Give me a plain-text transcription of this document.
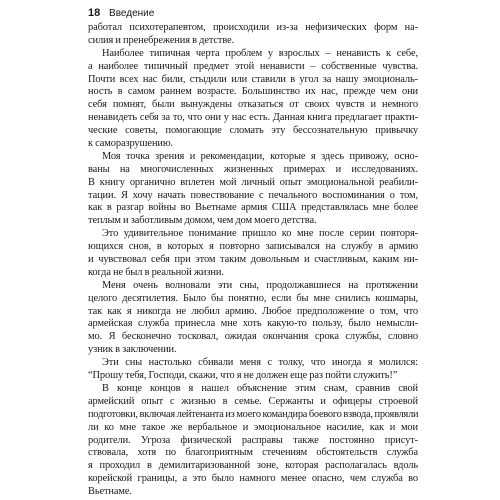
18 Введение
работал психотерапевтом, происходили из-за нефизических форм на-
силия и пренебрежения в детстве.
Наиболее типичная черта проблем у взрослых – ненависть к себе,
а наиболее типичный предмет этой ненависти – собственные чувства.
Почти всех нас били, стыдили или ставили в угол за нашу эмоциональ-
ность в самом раннем возрасте. Большинство их нас, прежде чем они
себя помнят, были вынуждены отказаться от своих чувств и немного
ненавидеть себя за то, что они у нас есть. Данная книга предлагает практи-
ческие советы, помогающие сломать эту бессознательную привычку
к саморазрушению.
Моя точка зрения и рекомендации, которые я здесь привожу, осно-
ваны на многочисленных жизненных примерах и исследованиях.
В книгу органично вплетен мой личный опыт эмоциональной реабили-
тации. Я хочу начать повествование с печального воспоминания о том,
как в разгар войны во Вьетнаме армия США представлялась мне более
теплым и заботливым домом, чем дом моего детства.
Это удивительное понимание пришло ко мне после серии повторя-
ющихся снов, в которых я повторно записывался на службу в армию
и чувствовал себя при этом таким довольным и счастливым, каким ни-
когда не был в реальной жизни.
Меня очень волновали эти сны, продолжавшиеся на протяжении
целого десятилетия. Было бы понятно, если бы мне снились кошмары,
так как я никогда не любил армию. Любое предположение о том, что
армейская служба принесла мне хоть какую-то пользу, было немысли-
мо. Я бесконечно тосковал, ожидая окончания срока службы, словно
узник в заключении.
Эти сны настолько сбивали меня с толку, что иногда я молился:
“Прошу тебя, Господи, скажи, что я не должен еще раз пойти служить!”
В конце концов я нашел объяснение этим снам, сравнив свой
армейский опыт с жизнью в семье. Сержанты и офицеры строевой
подготовки, включая лейтенанта из моего командира боевого взвода, проявляли
ли ко мне такое же вербальное и эмоциональное насилие, как и мои
родители. Угроза физической расправы также постоянно присут-
ствовала, хотя по благоприятным стечениям обстоятельств служба
я проходил в демилитаризованной зоне, которая располагалась вдоль
корейской границы, а это было намного менее опасно, чем служба во
Вьетнаме.
